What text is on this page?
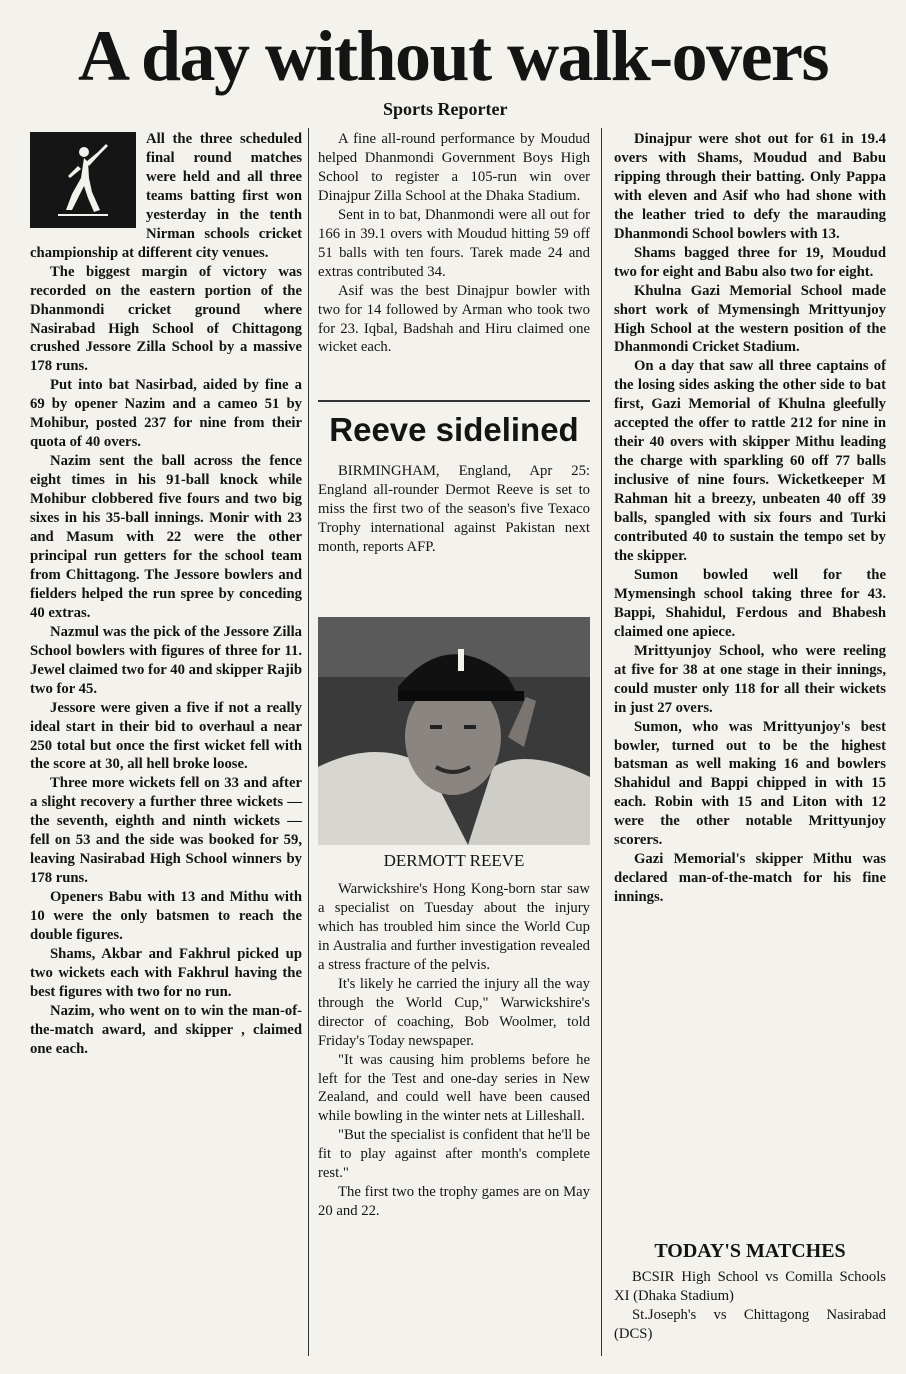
A day without walk-overs
Sports Reporter

All the three scheduled final round matches were held and all three teams batting first won yesterday in the tenth Nirman schools cricket championship at different city venues.

The biggest margin of victory was recorded on the eastern portion of the Dhanmondi cricket ground where Nasirabad High School of Chittagong crushed Jessore Zilla School by a massive 178 runs.

Put into bat Nasirbad, aided by fine a 69 by opener Nazim and a cameo 51 by Mohibur, posted 237 for nine from their quota of 40 overs.

Nazim sent the ball across the fence eight times in his 91-ball knock while Mohibur clobbered five fours and two big sixes in his 35-ball innings. Monir with 23 and Masum with 22 were the other principal run getters for the school team from Chittagong. The Jessore bowlers and fielders helped the run spree by conceding 40 extras.

Nazmul was the pick of the Jessore Zilla School bowlers with figures of three for 11. Jewel claimed two for 40 and skipper Rajib two for 45.

Jessore were given a five if not a really ideal start in their bid to overhaul a near 250 total but once the first wicket fell with the score at 30, all hell broke loose.

Three more wickets fell on 33 and after a slight recovery a further three wickets — the seventh, eighth and ninth wickets — fell on 53 and the side was booked for 59, leaving Nasirabad High School winners by 178 runs.

Openers Babu with 13 and Mithu with 10 were the only batsmen to reach the double figures.

Shams, Akbar and Fakhrul picked up two wickets each with Fakhrul having the best figures with two for no run.

Nazim, who went on to win the man-of-the-match award, and skipper , claimed one each.

A fine all-round performance by Moudud helped Dhanmondi Government Boys High School to register a 105-run win over Dinajpur Zilla School at the Dhaka Stadium.

Sent in to bat, Dhanmondi were all out for 166 in 39.1 overs with Moudud hitting 59 off 51 balls with ten fours. Tarek made 24 and extras contributed 34.

Asif was the best Dinajpur bowler with two for 14 followed by Arman who took two for 23. Iqbal, Badshah and Hiru claimed one wicket each.

Reeve sidelined

BIRMINGHAM, England, Apr 25: England all-rounder Dermot Reeve is set to miss the first two of the season's five Texaco Trophy international against Pakistan next month, reports AFP.

DERMOTT REEVE

Warwickshire's Hong Kong-born star saw a specialist on Tuesday about the injury which has troubled him since the World Cup in Australia and further investigation revealed a stress fracture of the pelvis.

It's likely he carried the injury all the way through the World Cup," Warwickshire's director of coaching, Bob Woolmer, told Friday's Today newspaper.

"It was causing him problems before he left for the Test and one-day series in New Zealand, and could well have been caused while bowling in the winter nets at Lilleshall.

"But the specialist is confident that he'll be fit to play against after month's complete rest."

The first two the trophy games are on May 20 and 22.

Dinajpur were shot out for 61 in 19.4 overs with Shams, Moudud and Babu ripping through their batting. Only Pappa with eleven and Asif who had shone with the leather tried to defy the marauding Dhanmondi School bowlers with 13.

Shams bagged three for 19, Moudud two for eight and Babu also two for eight.

Khulna Gazi Memorial School made short work of Mymensingh Mrittyunjoy High School at the western position of the Dhanmondi Cricket Stadium.

On a day that saw all three captains of the losing sides asking the other side to bat first, Gazi Memorial of Khulna gleefully accepted the offer to rattle 212 for nine in their 40 overs with skipper Mithu leading the charge with sparkling 60 off 77 balls inclusive of nine fours. Wicketkeeper M Rahman hit a breezy, unbeaten 40 off 39 balls, spangled with six fours and Turki contributed 40 to sustain the tempo set by the skipper.

Sumon bowled well for the Mymensingh school taking three for 43. Bappi, Shahidul, Ferdous and Bhabesh claimed one apiece.

Mrittyunjoy School, who were reeling at five for 38 at one stage in their innings, could muster only 118 for all their wickets in just 27 overs.

Sumon, who was Mrittyunjoy's best bowler, turned out to be the highest batsman as well making 16 and bowlers Shahidul and Bappi chipped in with 15 each. Robin with 15 and Liton with 12 were the other notable Mrittyunjoy scorers.

Gazi Memorial's skipper Mithu was declared man-of-the-match for his fine innings.

TODAY'S MATCHES

BCSIR High School vs Comilla Schools XI (Dhaka Stadium)

St.Joseph's vs Chittagong Nasirabad (DCS)
